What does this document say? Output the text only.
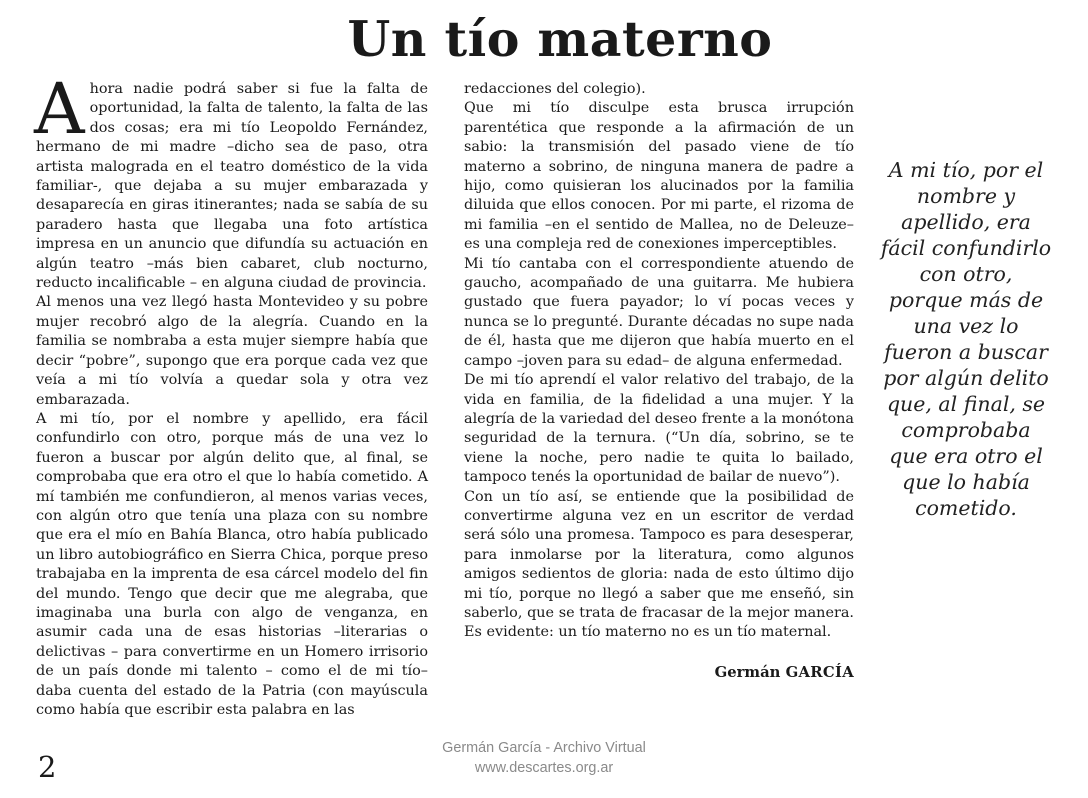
Un tío materno

Ahora nadie podrá saber si fue la falta de oportunidad, la falta de talento, la falta de las dos cosas; era mi tío Leopoldo Fernández, hermano de mi madre –dicho sea de paso, otra artista malograda en el teatro doméstico de la vida familiar-, que dejaba a su mujer embarazada y desaparecía en giras itinerantes; nada se sabía de su paradero hasta que llegaba una foto artística impresa en un anuncio que difundía su actuación en algún teatro –más bien cabaret, club nocturno, reducto incalificable – en alguna ciudad de provincia.

Al menos una vez llegó hasta Montevideo y su pobre mujer recobró algo de la alegría. Cuando en la familia se nombraba a esta mujer siempre había que decir “pobre”, supongo que era porque cada vez que veía a mi tío volvía a quedar sola y otra vez embarazada.

A mi tío, por el nombre y apellido, era fácil confundirlo con otro, porque más de una vez lo fueron a buscar por algún delito que, al final, se comprobaba que era otro el que lo había cometido. A mí también me confundieron, al menos varias veces, con algún otro que tenía una plaza con su nombre que era el mío en Bahía Blanca, otro había publicado un libro autobiográfico en Sierra Chica, porque preso trabajaba en la imprenta de esa cárcel modelo del fin del mundo. Tengo que decir que me alegraba, que imaginaba una burla con algo de venganza, en asumir cada una de esas historias –literarias o delictivas – para convertirme en un Homero irrisorio de un país donde mi talento – como el de mi tío– daba cuenta del estado de la Patria (con mayúscula como había que escribir esta palabra en las

redacciones del colegio).

Que mi tío disculpe esta brusca irrupción parentética que responde a la afirmación de un sabio: la transmisión del pasado viene de tío materno a sobrino, de ninguna manera de padre a hijo, como quisieran los alucinados por la familia diluida que ellos conocen. Por mi parte, el rizoma de mi familia –en el sentido de Mallea, no de Deleuze– es una compleja red de conexiones imperceptibles.

Mi tío cantaba con el correspondiente atuendo de gaucho, acompañado de una guitarra. Me hubiera gustado que fuera payador; lo ví pocas veces y nunca se lo pregunté. Durante décadas no supe nada de él, hasta que me dijeron que había muerto en el campo –joven para su edad– de alguna enfermedad.

De mi tío aprendí el valor relativo del trabajo, de la vida en familia, de la fidelidad a una mujer. Y la alegría de la variedad del deseo frente a la monótona seguridad de la ternura. (“Un día, sobrino, se te viene la noche, pero nadie te quita lo bailado, tampoco tenés la oportunidad de bailar de nuevo”).

Con un tío así, se entiende que la posibilidad de convertirme alguna vez en un escritor de verdad será sólo una promesa. Tampoco es para desesperar, para inmolarse por la literatura, como algunos amigos sedientos de gloria: nada de esto último dijo mi tío, porque no llegó a saber que me enseñó, sin saberlo, que se trata de fracasar de la mejor manera. Es evidente: un tío materno no es un tío maternal.

Germán GARCÍA
A mi tío, por el nombre y apellido, era fácil confundirlo con otro, porque más de una vez lo fueron a buscar por algún delito que, al final, se comprobaba que era otro el que lo había cometido.
2
Germán García - Archivo Virtual
www.descartes.org.ar
